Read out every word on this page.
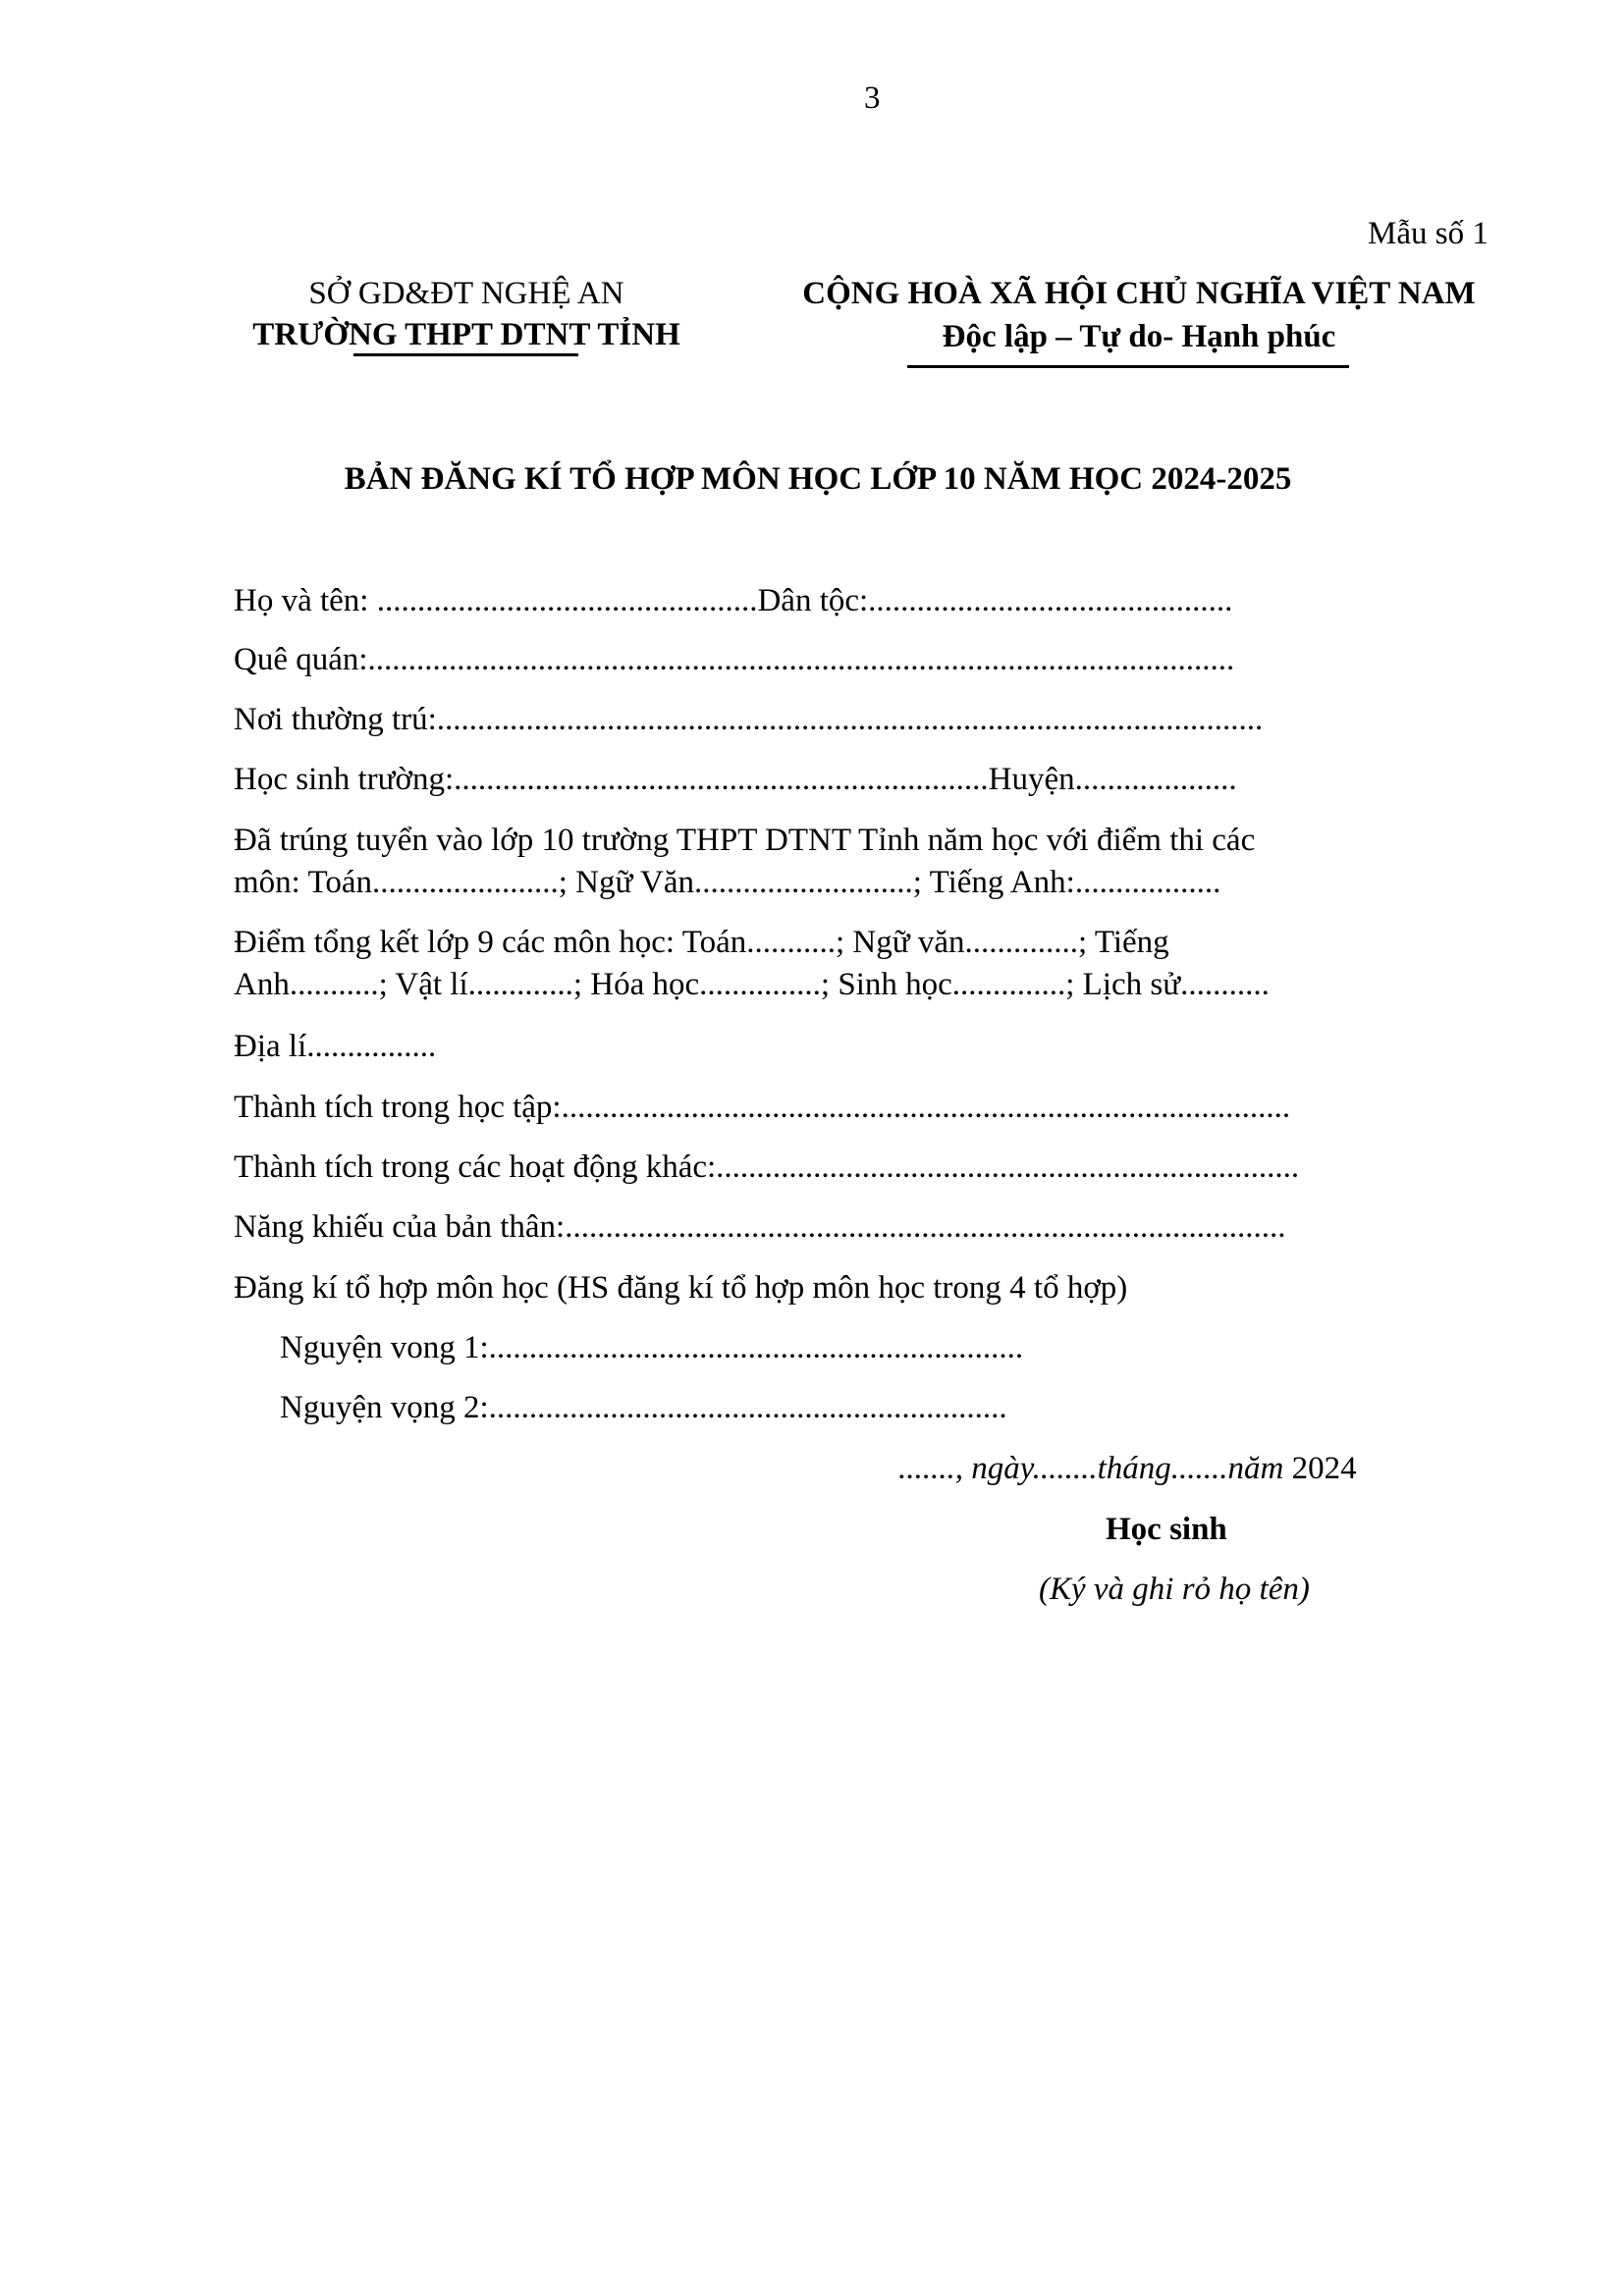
3
Mẫu số 1
SỞ GD&ĐT NGHỆ AN
TRƯỜNG THPT DTNT TỈNH
CỘNG HOÀ XÃ HỘI CHỦ NGHĨA VIỆT NAM
Độc lập – Tự do- Hạnh phúc
BẢN ĐĂNG KÍ TỔ HỢP MÔN HỌC LỚP 10 NĂM HỌC 2024-2025
Họ và tên: ...............................................Dân tộc:.............................................
Quê quán:...........................................................................................................
Nơi thường trú:......................................................................................................
Học sinh trường:..................................................................Huyện....................
Đã trúng tuyển vào lớp 10 trường THPT DTNT Tỉnh năm học với điểm thi các
môn: Toán.......................; Ngữ Văn...........................; Tiếng Anh:..................
Điểm tổng kết lớp 9 các môn học: Toán...........; Ngữ văn..............; Tiếng
Anh...........; Vật lí.............; Hóa học...............; Sinh học..............; Lịch sử...........
Địa lí................
Thành tích trong học tập:..........................................................................................
Thành tích trong các hoạt động khác:........................................................................
Năng khiếu của bản thân:.........................................................................................
Đăng kí tổ hợp môn học (HS đăng kí tổ hợp môn học trong 4 tổ hợp)
Nguyện vong 1:..................................................................
Nguyện vọng 2:................................................................
......., ngày........tháng.......năm 2024
Học sinh
(Ký và ghi rỏ họ tên)
